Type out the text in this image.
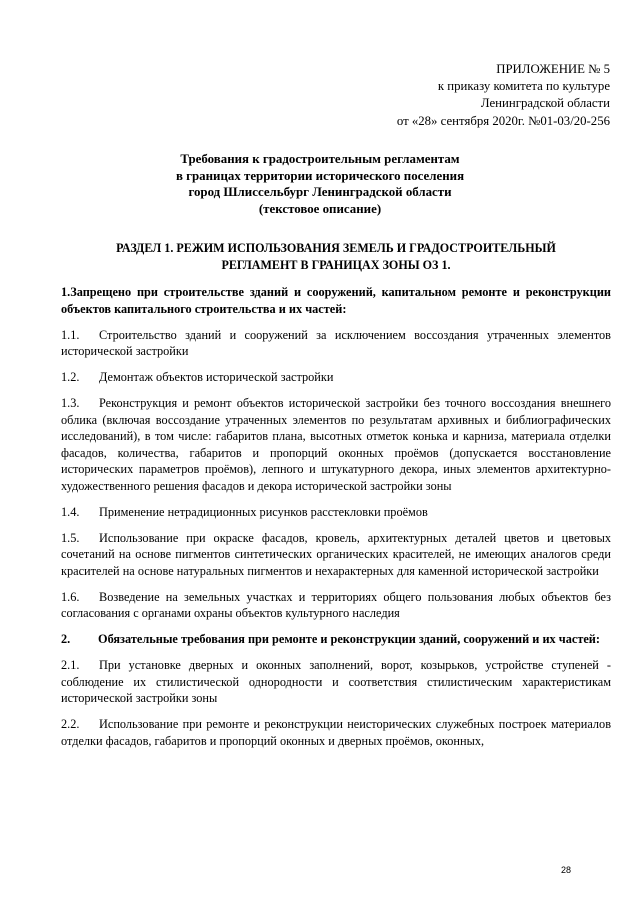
ПРИЛОЖЕНИЕ № 5
к приказу комитета по культуре
Ленинградской области
от «28» сентября 2020г. №01-03/20-256
Требования к градостроительным регламентам
в границах территории исторического поселения
город Шлиссельбург Ленинградской области
(текстовое описание)
РАЗДЕЛ 1. РЕЖИМ ИСПОЛЬЗОВАНИЯ ЗЕМЕЛЬ И ГРАДОСТРОИТЕЛЬНЫЙ
РЕГЛАМЕНТ В ГРАНИЦАХ ЗОНЫ ОЗ 1.

1.Запрещено при строительстве зданий и сооружений, капитальном ремонте и реконструкции объектов капитального строительства и их частей:

1.1. Строительство зданий и сооружений за исключением воссоздания утраченных элементов исторической застройки

1.2. Демонтаж объектов исторической застройки

1.3. Реконструкция и ремонт объектов исторической застройки без точного воссоздания внешнего облика (включая воссоздание утраченных элементов по результатам архивных и библиографических исследований), в том числе: габаритов плана, высотных отметок конька и карниза, материала отделки фасадов, количества, габаритов и пропорций оконных проёмов (допускается восстановление исторических параметров проёмов), лепного и штукатурного декора, иных элементов архитектурно-художественного решения фасадов и декора исторической застройки зоны

1.4. Применение нетрадиционных рисунков расстекловки проёмов

1.5. Использование при окраске фасадов, кровель, архитектурных деталей цветов и цветовых сочетаний на основе пигментов синтетических органических красителей, не имеющих аналогов среди красителей на основе натуральных пигментов и нехарактерных для каменной исторической застройки

1.6. Возведение на земельных участках и территориях общего пользования любых объектов без согласования с органами охраны объектов культурного наследия

2. Обязательные требования при ремонте и реконструкции зданий, сооружений и их частей:

2.1. При установке дверных и оконных заполнений, ворот, козырьков, устройстве ступеней - соблюдение их стилистической однородности и соответствия стилистическим характеристикам исторической застройки зоны

2.2. Использование при ремонте и реконструкции неисторических служебных построек материалов отделки фасадов, габаритов и пропорций оконных и дверных проёмов, оконных,

28
